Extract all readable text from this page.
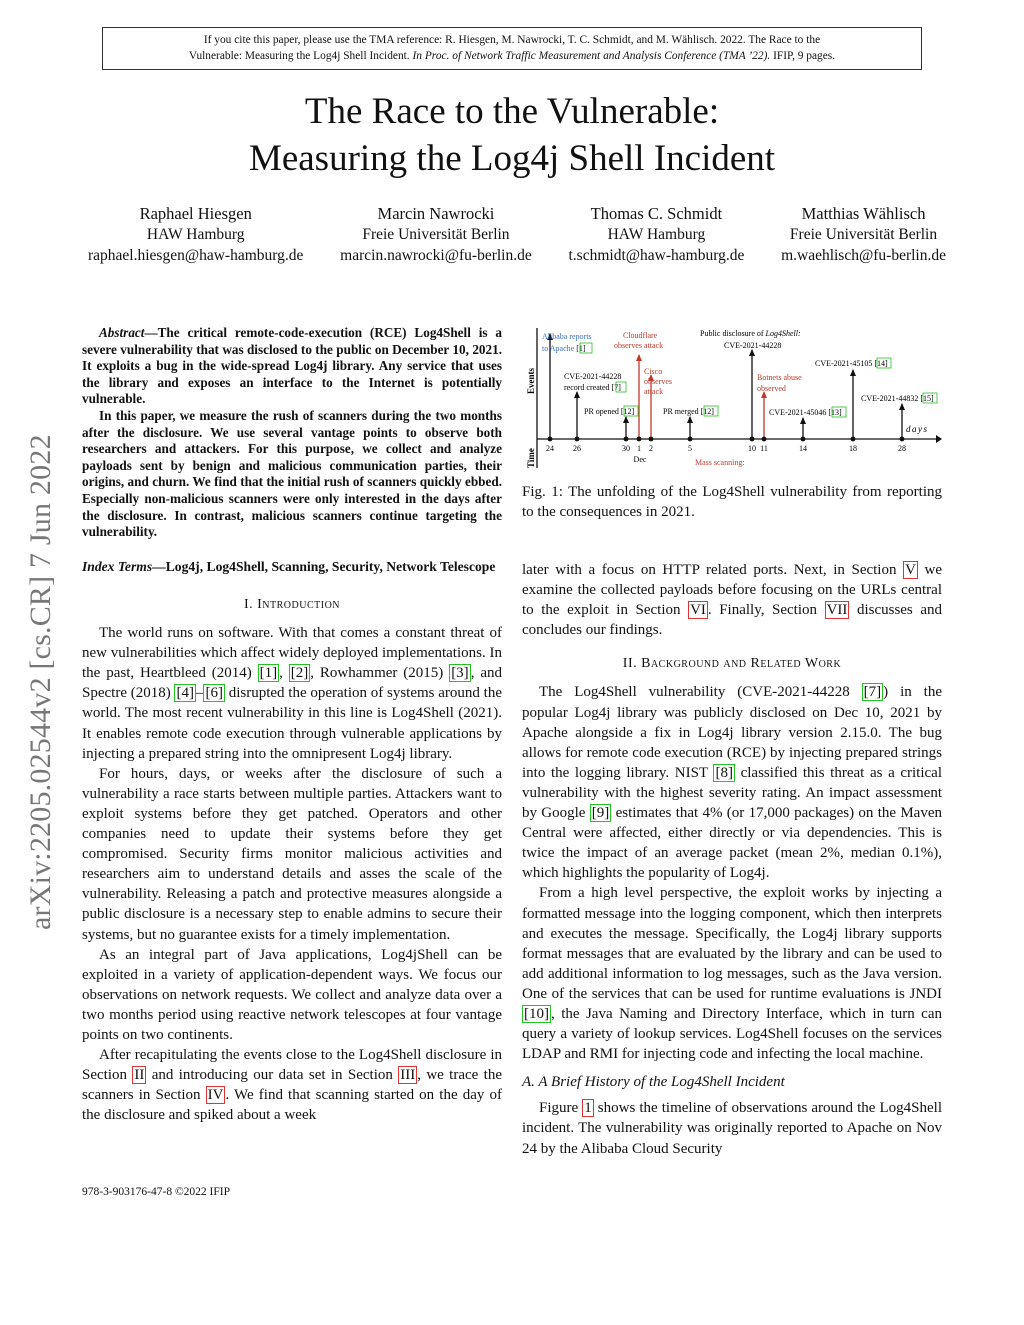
If you cite this paper, please use the TMA reference: R. Hiesgen, M. Nawrocki, T. C. Schmidt, and M. Wählisch. 2022. The Race to the
Vulnerable: Measuring the Log4j Shell Incident. In Proc. of Network Traffic Measurement and Analysis Conference (TMA ’22). IFIP, 9 pages.
The Race to the Vulnerable:
Measuring the Log4j Shell Incident
Raphael Hiesgen
HAW Hamburg
raphael.hiesgen@haw-hamburg.de
Marcin Nawrocki
Freie Universität Berlin
marcin.nawrocki@fu-berlin.de
Thomas C. Schmidt
HAW Hamburg
t.schmidt@haw-hamburg.de
Matthias Wählisch
Freie Universität Berlin
m.waehlisch@fu-berlin.de
arXiv:2205.02544v2 [cs.CR] 7 Jun 2022

Abstract—The critical remote-code-execution (RCE) Log4Shell is a severe vulnerability that was disclosed to the public on December 10, 2021. It exploits a bug in the wide-spread Log4j library. Any service that uses the library and exposes an interface to the Internet is potentially vulnerable.

In this paper, we measure the rush of scanners during the two months after the disclosure. We use several vantage points to observe both researchers and attackers. For this purpose, we collect and analyze payloads sent by benign and malicious communication parties, their origins, and churn. We find that the initial rush of scanners quickly ebbed. Especially non-malicious scanners were only interested in the days after the disclosure. In contrast, malicious scanners continue targeting the vulnerability.

Index Terms—Log4j, Log4Shell, Scanning, Security, Network Telescope

I. Introduction

The world runs on software. With that comes a constant threat of new vulnerabilities which affect widely deployed implementations. In the past, Heartbleed (2014) [1] , [2] , Rowhammer (2015) [3] , and Spectre (2018) [4] – [6] disrupted the operation of systems around the world. The most recent vulnerability in this line is Log4Shell (2021). It enables remote code execution through vulnerable applications by injecting a prepared string into the omnipresent Log4j library.

For hours, days, or weeks after the disclosure of such a vulnerability a race starts between multiple parties. Attackers want to exploit systems before they get patched. Operators and other companies need to update their systems before they get compromised. Security firms monitor malicious activities and researchers aim to understand details and asses the scale of the vulnerability. Releasing a patch and protective measures alongside a public disclosure is a necessary step to enable admins to secure their systems, but no guarantee exists for a timely implementation.

As an integral part of Java applications, Log4jShell can be exploited in a variety of application-dependent ways. We focus our observations on network requests. We collect and analyze data over a two months period using reactive network telescopes at four vantage points on two continents.

After recapitulating the events close to the Log4Shell disclosure in Section II and introducing our data set in Section III , we trace the scanners in Section IV . We find that scanning started on the day of the disclosure and spiked about a week

Events
Time
days
Alibaba reports
to Apache [1]
Cloudflare
observes attack
Public disclosure of Log4Shell:
CVE-2021-44228
CVE-2021-44228
record created [7]
Cisco
observes
attack
Botnets abuse
observed
CVE-2021-45105 [14]
CVE-2021-44832 [15]
PR opened [12]	PR merged [12]	CVE-2021-45046 [13]
24 26	30 1 2	5	10 11	14	18	28
Dec	Mass scanning:
Fig. 1: The unfolding of the Log4Shell vulnerability from reporting to the consequences in 2021.

later with a focus on HTTP related ports. Next, in Section V we examine the collected payloads before focusing on the URLs central to the exploit in Section VI . Finally, Section VII discusses and concludes our findings.

II. Background and Related Work

The Log4Shell vulnerability (CVE-2021-44228 [7] ) in the popular Log4j library was publicly disclosed on Dec 10, 2021 by Apache alongside a fix in Log4j library version 2.15.0. The bug allows for remote code execution (RCE) by injecting prepared strings into the logging library. NIST [8] classified this threat as a critical vulnerability with the highest severity rating. An impact assessment by Google [9] estimates that 4% (or 17,000 packages) on the Maven Central were affected, either directly or via dependencies. This is twice the impact of an average packet (mean 2%, median 0.1%), which highlights the popularity of Log4j.

From a high level perspective, the exploit works by injecting a formatted message into the logging component, which then interprets and executes the message. Specifically, the Log4j library supports format messages that are evaluated by the library and can be used to add additional information to log messages, such as the Java version. One of the services that can be used for runtime evaluations is JNDI [10] , the Java Naming and Directory Interface, which in turn can query a variety of lookup services. Log4Shell focuses on the services LDAP and RMI for injecting code and infecting the local machine.

A. A Brief History of the Log4Shell Incident

Figure 1 shows the timeline of observations around the Log4Shell incident. The vulnerability was originally reported to Apache on Nov 24 by the Alibaba Cloud Security

978-3-903176-47-8 ©2022 IFIP
